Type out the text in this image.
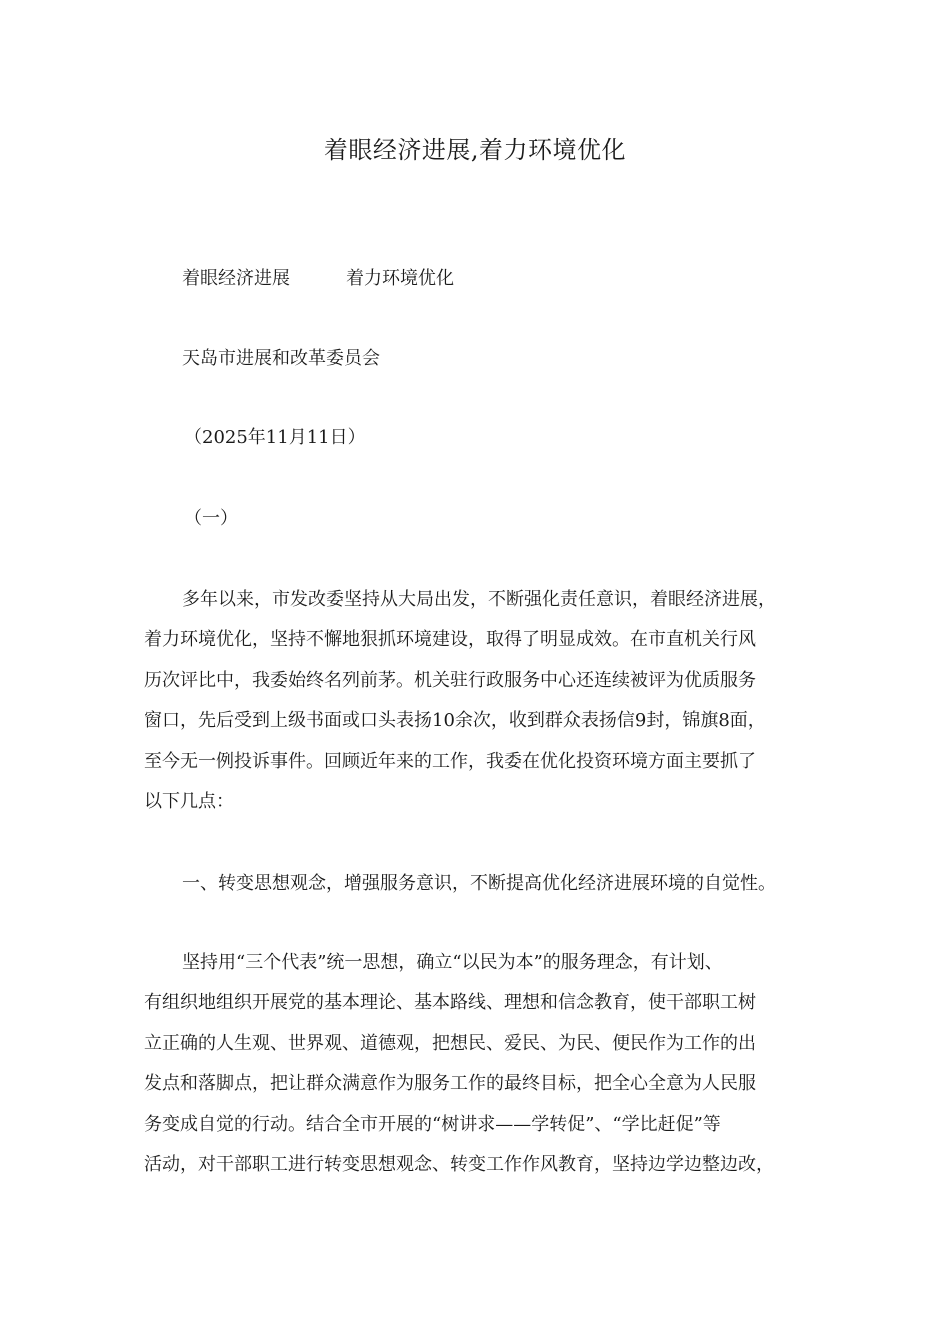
着眼经济进展,着力环境优化
着眼经济进展	着力环境优化
天岛市进展和改革委员会
（2025年11月11日）
（一）
多年以来，市发改委坚持从大局出发，不断强化责任意识，着眼经济进展，
着力环境优化，坚持不懈地狠抓环境建设，取得了明显成效。在市直机关行风
历次评比中，我委始终名列前茅。机关驻行政服务中心还连续被评为优质服务
窗口，先后受到上级书面或口头表扬10余次，收到群众表扬信9封，锦旗8面，
至今无一例投诉事件。回顾近年来的工作，我委在优化投资环境方面主要抓了
以下几点：
一、转变思想观念，增强服务意识，不断提高优化经济进展环境的自觉性。
坚持用“三个代表”统一思想，确立“以民为本”的服务理念，有计划、
有组织地组织开展党的基本理论、基本路线、理想和信念教育，使干部职工树
立正确的人生观、世界观、道德观，把想民、爱民、为民、便民作为工作的出
发点和落脚点，把让群众满意作为服务工作的最终目标，把全心全意为人民服
务变成自觉的行动。结合全市开展的“树讲求——学转促”、“学比赶促”等
活动，对干部职工进行转变思想观念、转变工作作风教育，坚持边学边整边改，
